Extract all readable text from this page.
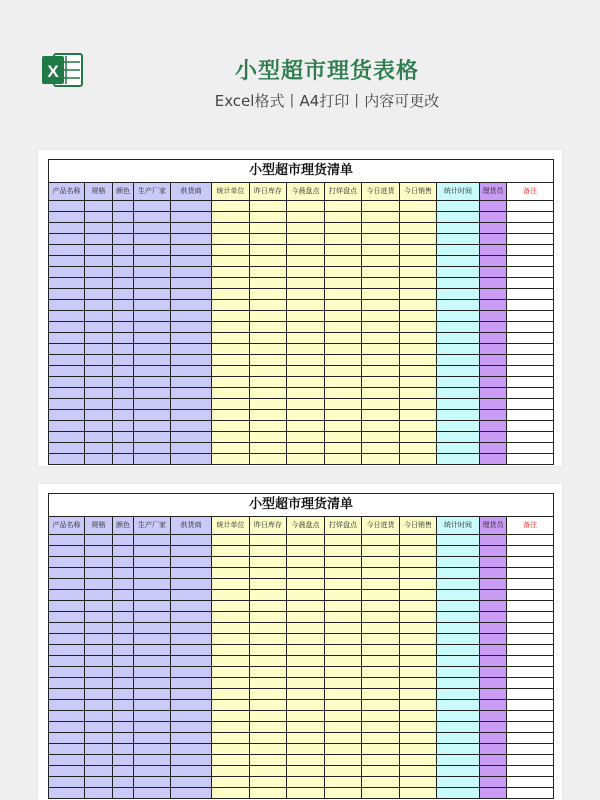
X	小型超市理货表格
Excel格式丨A4打印丨内容可更改
小型超市理货清单													
产品名称	规格	颜色	生产厂家	供货商	统计单位	昨日库存	今晨盘点	打烊盘点	今日进货	今日销售	统计时间	理货员	备注

小型超市理货清单													
产品名称	规格	颜色	生产厂家	供货商	统计单位	昨日库存	今晨盘点	打烊盘点	今日进货	今日销售	统计时间	理货员	备注
